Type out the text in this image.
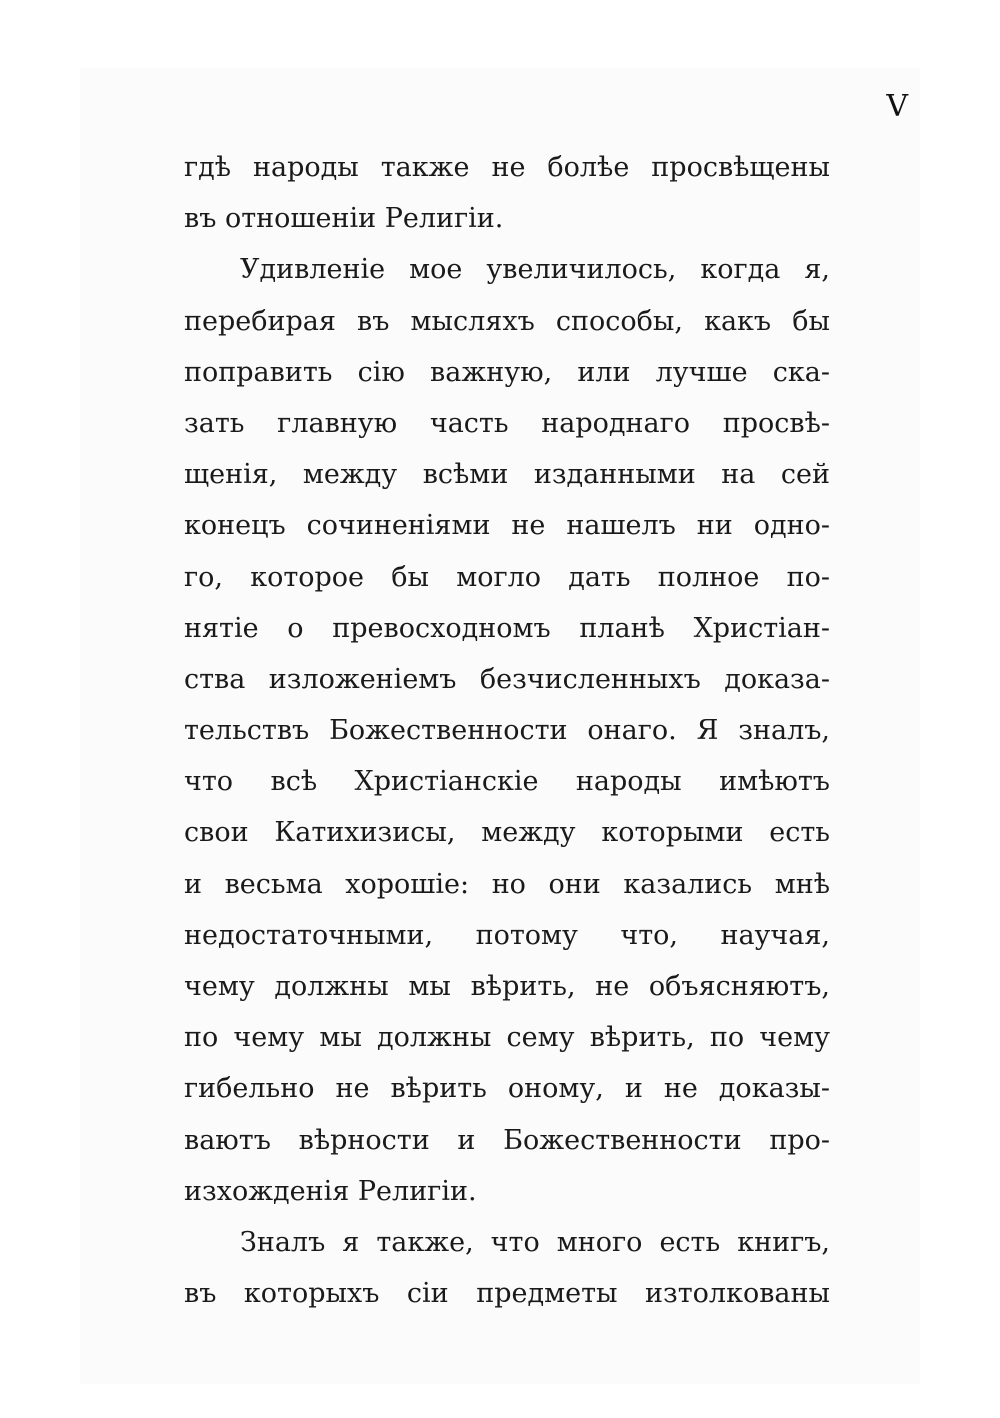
V
гдѣ народы также не болѣе просвѣщены
въ отношеніи Религіи.
Удивленіе мое увеличилось, когда я,
перебирая въ мысляхъ способы, какъ бы
поправить сію важную, или лучше ска-
зать главную часть народнаго просвѣ-
щенія, между всѣми изданными на сей
конецъ сочиненіями не нашелъ ни одно-
го, которое бы могло дать полное по-
нятіе о превосходномъ планѣ Христіан-
ства изложеніемъ безчисленныхъ доказа-
тельствъ Божественности онаго. Я зналъ,
что всѣ Христіанскіе народы имѣютъ
свои Катихизисы, между которыми есть
и весьма хорошіе: но они казались мнѣ
недостаточными, потому что, научая,
чему должны мы вѣрить, не объясняютъ,
по чему мы должны сему вѣрить, по чему
гибельно не вѣрить оному, и не доказы-
ваютъ вѣрности и Божественности про-
изхожденія Религіи.
Зналъ я также, что много есть книгъ,
въ которыхъ сіи предметы изтолкованы
